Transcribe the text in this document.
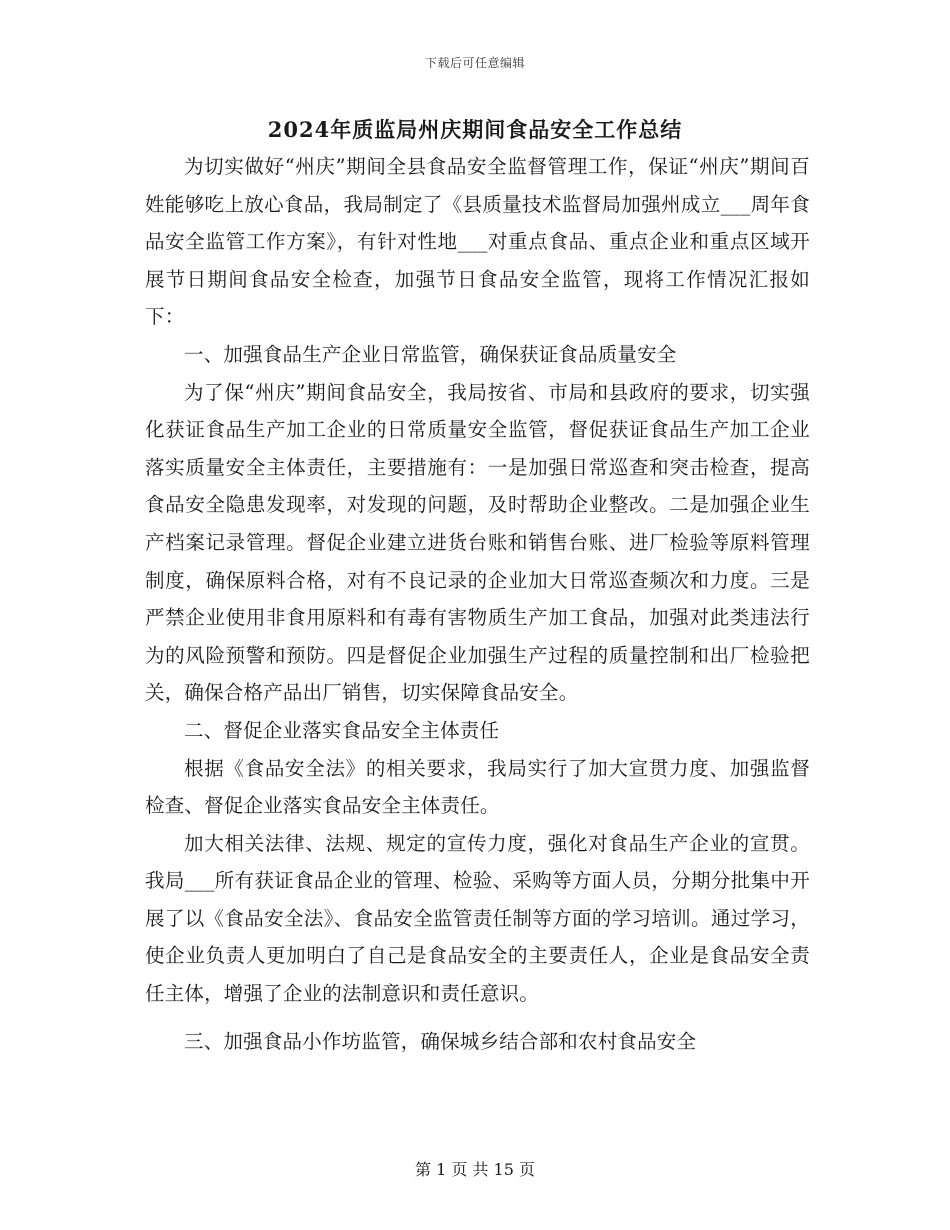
下载后可任意编辑
2024年质监局州庆期间食品安全工作总结

为切实做好“州庆”期间全县食品安全监督管理工作，保证“州庆”期间百姓能够吃上放心食品，我局制定了《县质量技术监督局加强州成立___周年食品安全监管工作方案》，有针对性地___对重点食品、重点企业和重点区域开展节日期间食品安全检查，加强节日食品安全监管，现将工作情况汇报如下：

一、加强食品生产企业日常监管，确保获证食品质量安全

为了保“州庆”期间食品安全，我局按省、市局和县政府的要求，切实强化获证食品生产加工企业的日常质量安全监管，督促获证食品生产加工企业落实质量安全主体责任，主要措施有：一是加强日常巡查和突击检查，提高食品安全隐患发现率，对发现的问题，及时帮助企业整改。二是加强企业生产档案记录管理。督促企业建立进货台账和销售台账、进厂检验等原料管理制度，确保原料合格，对有不良记录的企业加大日常巡查频次和力度。三是严禁企业使用非食用原料和有毒有害物质生产加工食品，加强对此类违法行为的风险预警和预防。四是督促企业加强生产过程的质量控制和出厂检验把关，确保合格产品出厂销售，切实保障食品安全。

二、督促企业落实食品安全主体责任

根据《食品安全法》的相关要求，我局实行了加大宣贯力度、加强监督检查、督促企业落实食品安全主体责任。

加大相关法律、法规、规定的宣传力度，强化对食品生产企业的宣贯。我局___所有获证食品企业的管理、检验、采购等方面人员，分期分批集中开展了以《食品安全法》、食品安全监管责任制等方面的学习培训。通过学习，使企业负责人更加明白了自己是食品安全的主要责任人，企业是食品安全责任主体，增强了企业的法制意识和责任意识。

三、加强食品小作坊监管，确保城乡结合部和农村食品安全

第 1 页 共 15 页
